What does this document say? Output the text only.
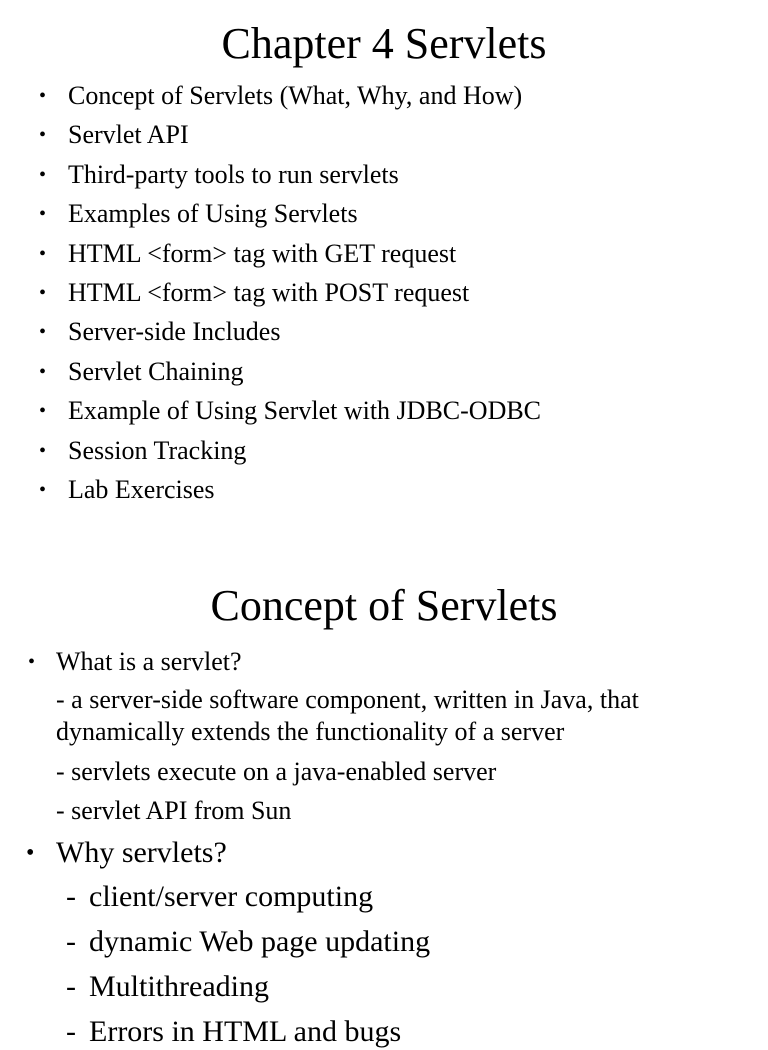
Chapter 4 Servlets
• Concept of Servlets (What, Why, and How)
• Servlet API
• Third-party tools to run servlets
• Examples of Using Servlets
• HTML <form> tag with GET request
• HTML <form> tag with POST request
• Server-side Includes
• Servlet Chaining
• Example of Using Servlet with JDBC-ODBC
• Session Tracking
• Lab Exercises
Concept of Servlets
• What is a servlet?
- a server-side software component, written in Java, that dynamically extends the functionality of a server
- servlets execute on a java-enabled server
- servlet API from Sun
• Why servlets?
- client/server computing
- dynamic Web page updating
- Multithreading
- Errors in HTML and bugs
